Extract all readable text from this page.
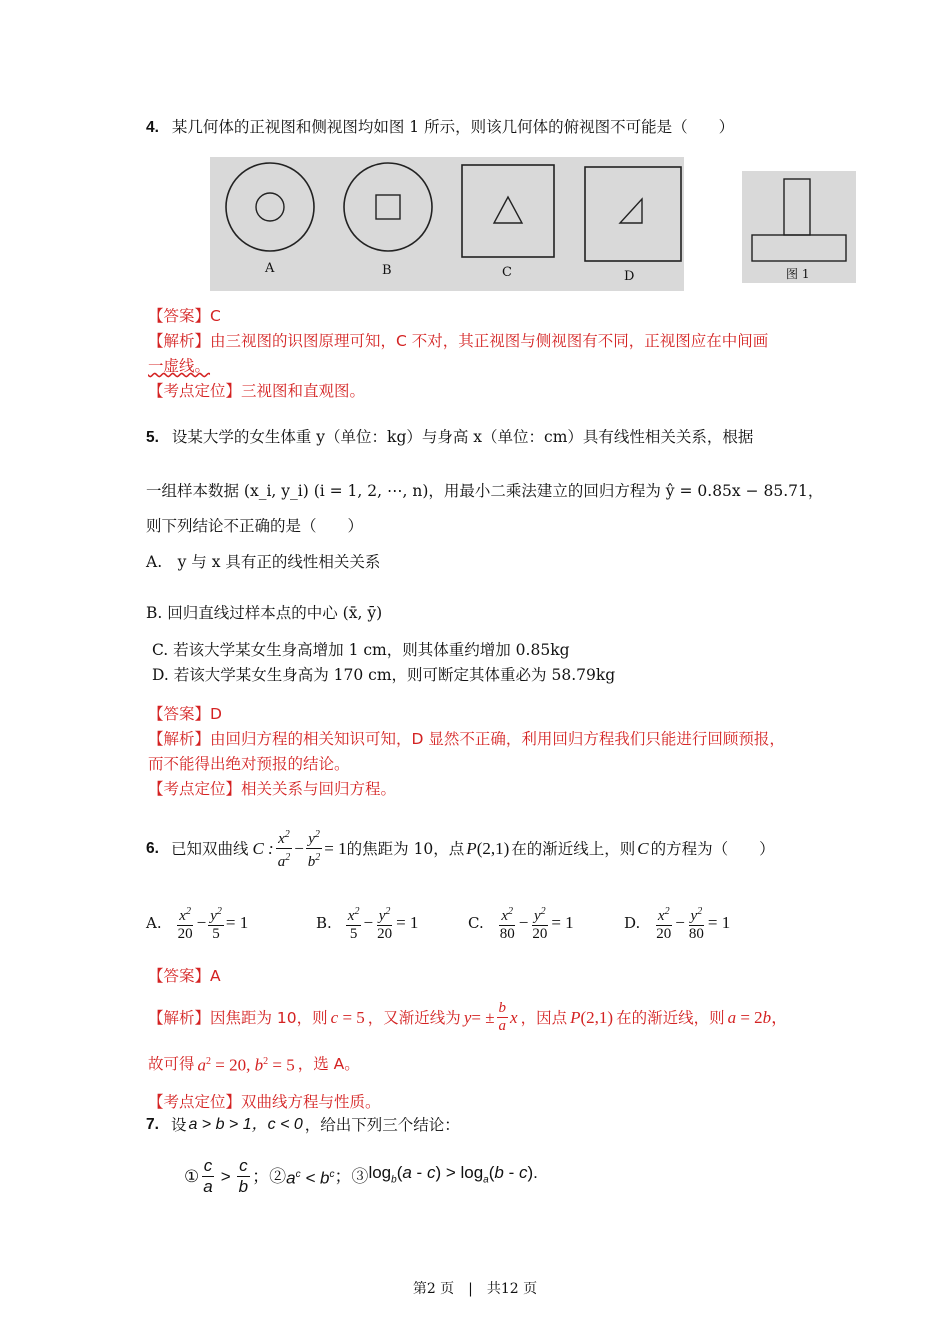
4. 某几何体的正视图和侧视图均如图 1 所示，则该几何体的俯视图不可能是（　　）
A	B	C	D	图 1
【答案】C
【解析】由三视图的识图原理可知，C 不对，其正视图与侧视图有不同，正视图应在中间画
一虚线。
【考点定位】三视图和直观图。
5. 设某大学的女生体重 y（单位：kg）与身高 x（单位：cm）具有线性相关关系，根据
一组样本数据 (x_i, y_i) (i = 1, 2, ⋯, n)，用最小二乘法建立的回归方程为 ŷ = 0.85x − 85.71，
则下列结论不正确的是（　　）
A.　y 与 x 具有正的线性相关关系
B. 回归直线过样本点的中心 (x̄, ȳ)
C. 若该大学某女生身高增加 1 cm，则其体重约增加 0.85kg
D. 若该大学某女生身高为 170 cm，则可断定其体重必为 58.79kg
【答案】D
【解析】由回归方程的相关知识可知，D 显然不正确，利用回归方程我们只能进行回顾预报，
而不能得出绝对预报的结论。
【考点定位】相关关系与回归方程。
6. 已知双曲线 C : $\frac{x^2}{a^2} - \frac{y^2}{b^2} = 1$ 的焦距为 10，点 P(2,1) 在的渐近线上，则 C 的方程为（　　）
A. $\frac{x^2}{20} - \frac{y^2}{5} = 1$	B. $\frac{x^2}{5} - \frac{y^2}{20} = 1$	C. $\frac{x^2}{80} - \frac{y^2}{20} = 1$	D. $\frac{x^2}{20} - \frac{y^2}{80} = 1$
【答案】A
【解析】因焦距为 10，则 c = 5 ，又渐近线为 y = ± $\frac{b}{a}$ x ，因点 P(2,1) 在的渐近线，则 a = 2b，
故可得 $a^2 = 20$, $b^2 = 5$ ，选 A。
【考点定位】双曲线方程与性质。
7. 设 a > b > 1，c < 0 ，给出下列三个结论：
① $\frac{c}{a} > \frac{c}{b}$ ；② $a^c < b^c$ ；③ $\log_b(a - c) > \log_a(b - c)$.
第2 页　|　共12 页
